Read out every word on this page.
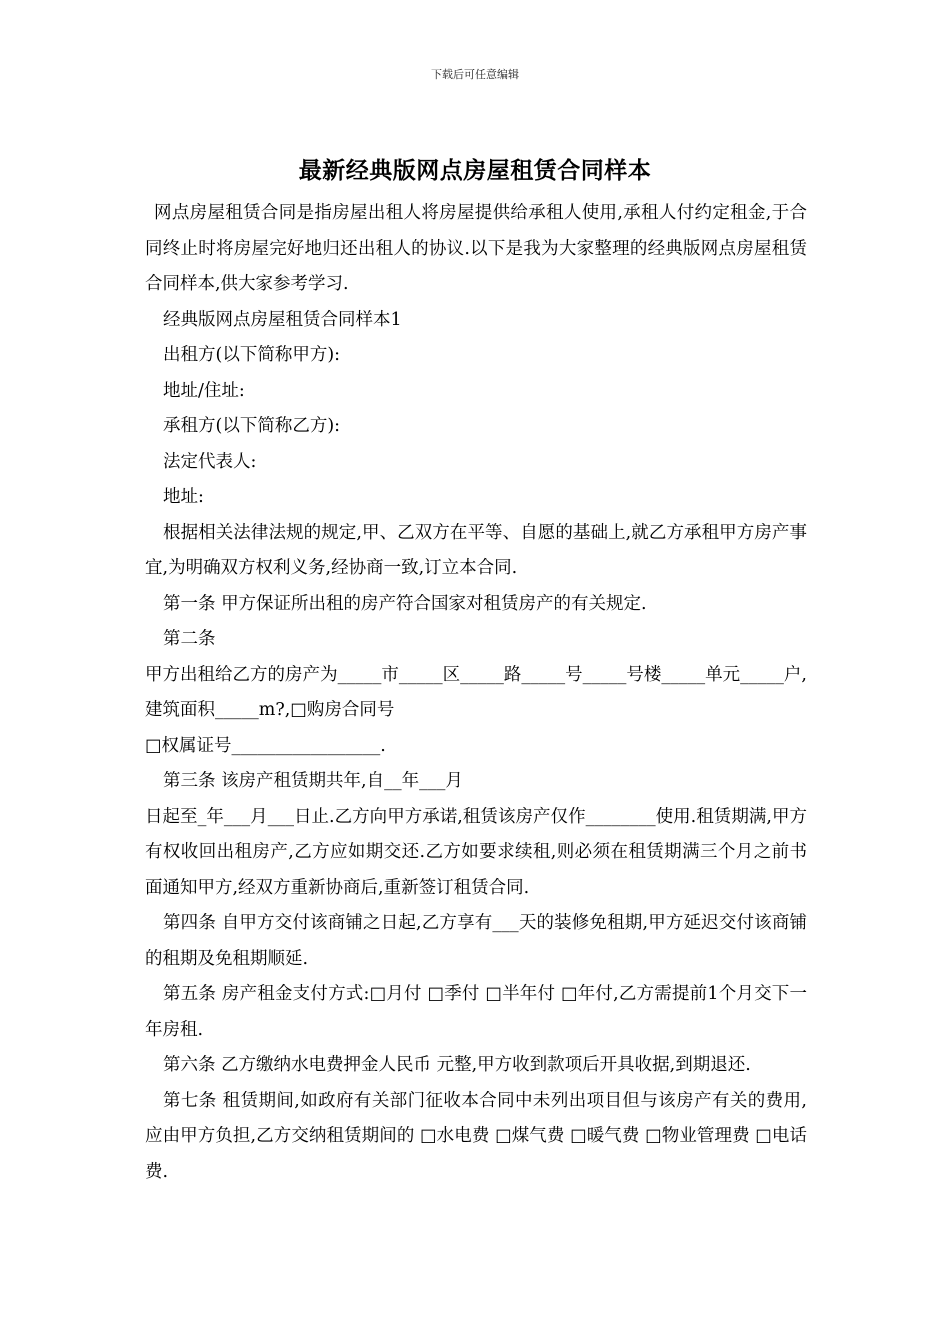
下载后可任意编辑
最新经典版网点房屋租赁合同样本

网点房屋租赁合同是指房屋出租人将房屋提供给承租人使用,承租人付约定租金,于合同终止时将房屋完好地归还出租人的协议.以下是我为大家整理的经典版网点房屋租赁合同样本,供大家参考学习.

经典版网点房屋租赁合同样本1

出租方(以下简称甲方):

地址/住址:

承租方(以下简称乙方):

法定代表人:

地址:

根据相关法律法规的规定,甲、乙双方在平等、自愿的基础上,就乙方承租甲方房产事宜,为明确双方权利义务,经协商一致,订立本合同.

第一条 甲方保证所出租的房产符合国家对租赁房产的有关规定.

第二条

甲方出租给乙方的房产为_____市_____区_____路_____号_____号楼_____单元_____户,建筑面积_____m?,□购房合同号

□权属证号_________________.

第三条 该房产租赁期共年,自__年___月

日起至_年___月___日止.乙方向甲方承诺,租赁该房产仅作________使用.租赁期满,甲方有权收回出租房产,乙方应如期交还.乙方如要求续租,则必须在租赁期满三个月之前书面通知甲方,经双方重新协商后,重新签订租赁合同.

第四条 自甲方交付该商铺之日起,乙方享有___天的装修免租期,甲方延迟交付该商铺的租期及免租期顺延.

第五条 房产租金支付方式:□月付 □季付 □半年付 □年付,乙方需提前1个月交下一年房租.

第六条 乙方缴纳水电费押金人民币 元整,甲方收到款项后开具收据,到期退还.

第七条 租赁期间,如政府有关部门征收本合同中未列出项目但与该房产有关的费用,应由甲方负担,乙方交纳租赁期间的 □水电费 □煤气费 □暖气费 □物业管理费 □电话费.
